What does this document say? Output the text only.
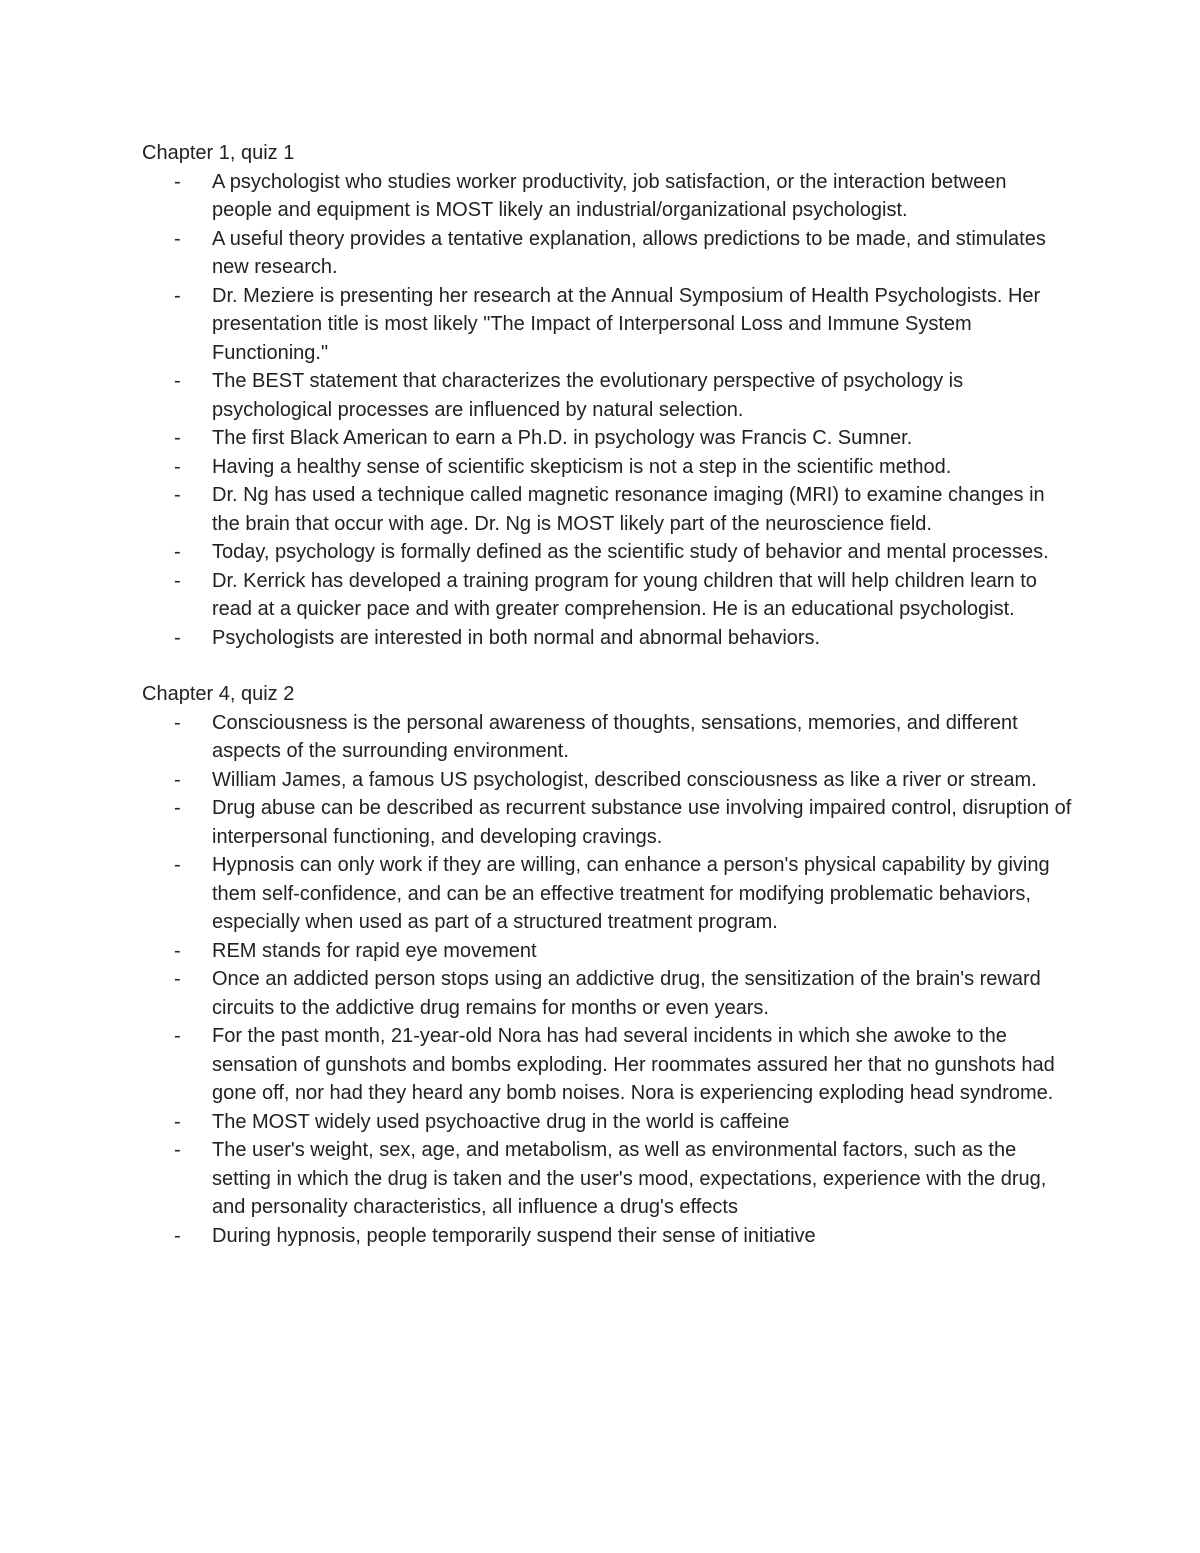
Chapter 1, quiz 1

- A psychologist who studies worker productivity, job satisfaction, or the interaction between people and equipment is MOST likely an industrial/organizational psychologist.
- A useful theory provides a tentative explanation, allows predictions to be made, and stimulates new research.
- Dr. Meziere is presenting her research at the Annual Symposium of Health Psychologists. Her presentation title is most likely "The Impact of Interpersonal Loss and Immune System Functioning."
- The BEST statement that characterizes the evolutionary perspective of psychology is psychological processes are influenced by natural selection.
- The first Black American to earn a Ph.D. in psychology was Francis C. Sumner.
- Having a healthy sense of scientific skepticism is not a step in the scientific method.
- Dr. Ng has used a technique called magnetic resonance imaging (MRI) to examine changes in the brain that occur with age. Dr. Ng is MOST likely part of the neuroscience field.
- Today, psychology is formally defined as the scientific study of behavior and mental processes.
- Dr. Kerrick has developed a training program for young children that will help children learn to read at a quicker pace and with greater comprehension. He is an educational psychologist.
- Psychologists are interested in both normal and abnormal behaviors.

Chapter 4, quiz 2

- Consciousness is the personal awareness of thoughts, sensations, memories, and different aspects of the surrounding environment.
- William James, a famous US psychologist, described consciousness as like a river or stream.
- Drug abuse can be described as recurrent substance use involving impaired control, disruption of interpersonal functioning, and developing cravings.
- Hypnosis can only work if they are willing, can enhance a person's physical capability by giving them self-confidence, and can be an effective treatment for modifying problematic behaviors, especially when used as part of a structured treatment program.
- REM stands for rapid eye movement
- Once an addicted person stops using an addictive drug, the sensitization of the brain's reward circuits to the addictive drug remains for months or even years.
- For the past month, 21-year-old Nora has had several incidents in which she awoke to the sensation of gunshots and bombs exploding. Her roommates assured her that no gunshots had gone off, nor had they heard any bomb noises. Nora is experiencing exploding head syndrome.
- The MOST widely used psychoactive drug in the world is caffeine
- The user's weight, sex, age, and metabolism, as well as environmental factors, such as the setting in which the drug is taken and the user's mood, expectations, experience with the drug, and personality characteristics, all influence a drug's effects
- During hypnosis, people temporarily suspend their sense of initiative
